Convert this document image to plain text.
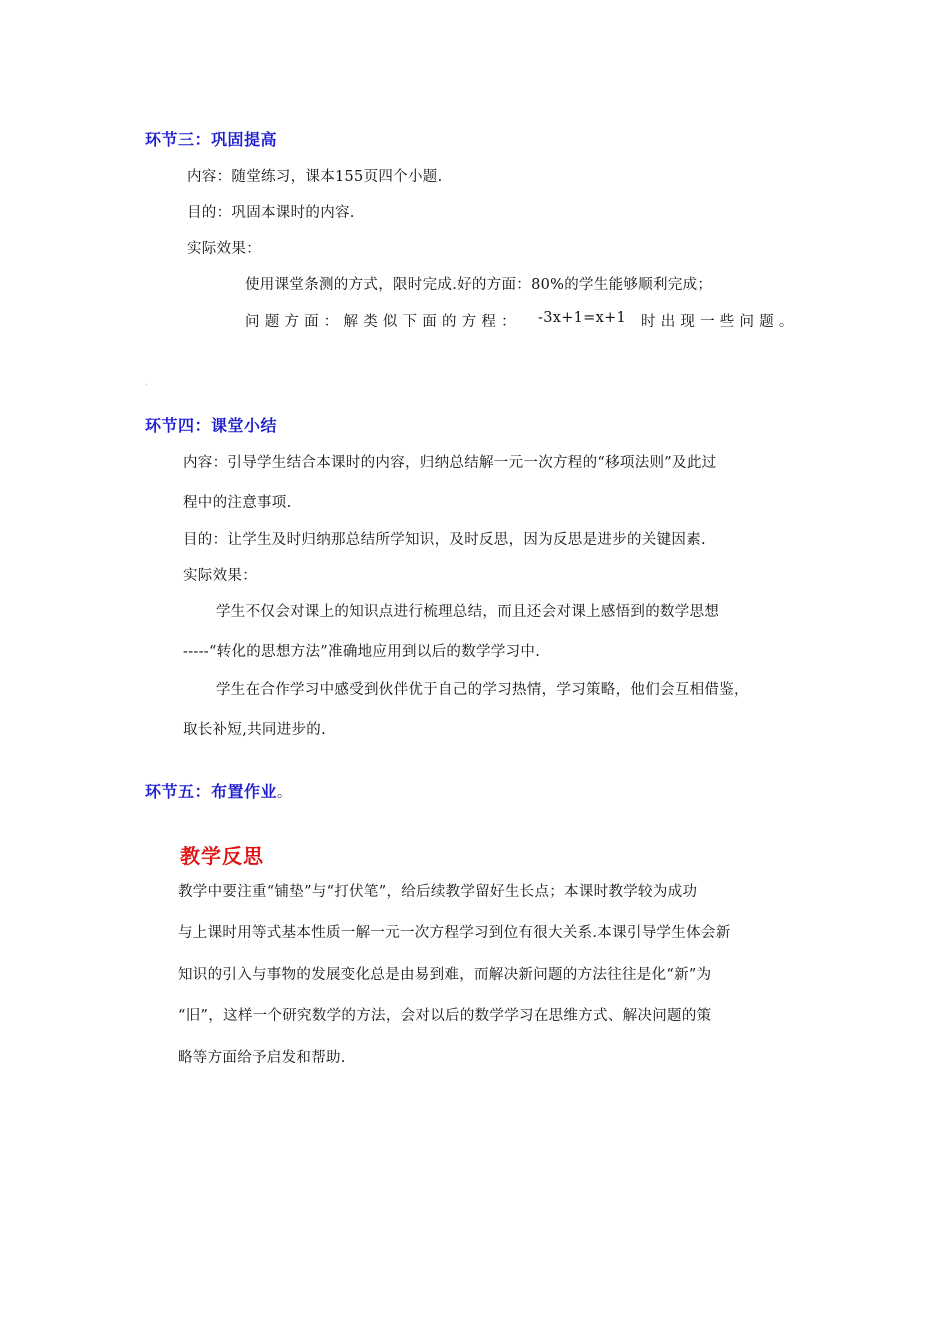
环节三：巩固提高
内容：随堂练习，课本155页四个小题.
目的：巩固本课时的内容.
实际效果：
使用课堂条测的方式，限时完成.好的方面：80%的学生能够顺利完成；
问题方面：解类似下面的方程： -3x+1=x+1 时出现一些问题。
.
环节四：课堂小结
内容：引导学生结合本课时的内容，归纳总结解一元一次方程的“移项法则”及此过
程中的注意事项.
目的：让学生及时归纳那总结所学知识，及时反思，因为反思是进步的关键因素.
实际效果：
学生不仅会对课上的知识点进行梳理总结，而且还会对课上感悟到的数学思想
-----“转化的思想方法”准确地应用到以后的数学学习中.
学生在合作学习中感受到伙伴优于自己的学习热情，学习策略，他们会互相借鉴，
取长补短,共同进步的.
环节五：布置作业。
教学反思
教学中要注重“铺垫”与“打伏笔”，给后续教学留好生长点；本课时教学较为成功
与上课时用等式基本性质一解一元一次方程学习到位有很大关系.本课引导学生体会新
知识的引入与事物的发展变化总是由易到难，而解决新问题的方法往往是化“新”为
“旧”，这样一个研究数学的方法，会对以后的数学学习在思维方式、解决问题的策
略等方面给予启发和帮助.
